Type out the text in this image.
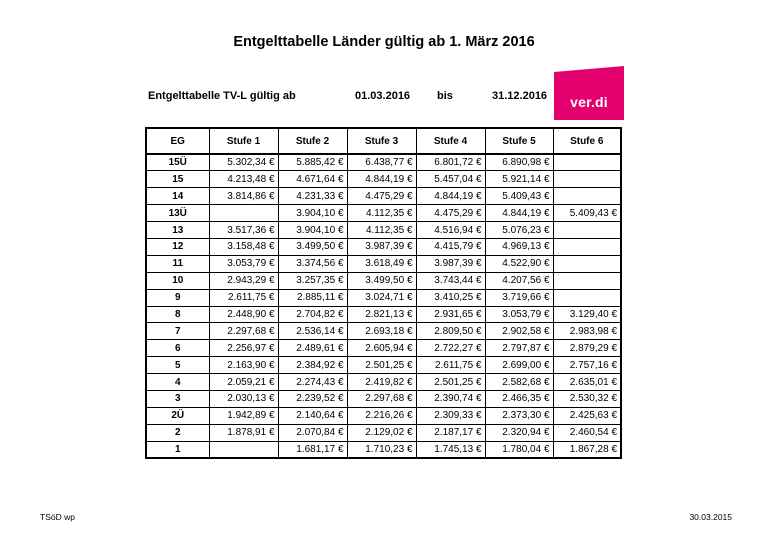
Entgelttabelle Länder gültig ab 1. März 2016
Entgelttabelle TV-L gültig ab	01.03.2016 bis	31.12.2016	ver.di
EG	Stufe 1	Stufe 2	Stufe 3	Stufe 4	Stufe 5	Stufe 6
15Ü	5.302,34 €	5.885,42 €	6.438,77 €	6.801,72 €	6.890,98 €	
15	4.213,48 €	4.671,64 €	4.844,19 €	5.457,04 €	5.921,14 €	
14	3.814,86 €	4.231,33 €	4.475,29 €	4.844,19 €	5.409,43 €	
13Ü		3.904,10 €	4.112,35 €	4.475,29 €	4.844,19 €	5.409,43 €
13	3.517,36 €	3.904,10 €	4.112,35 €	4.516,94 €	5.076,23 €	
12	3.158,48 €	3.499,50 €	3.987,39 €	4.415,79 €	4.969,13 €	
11	3.053,79 €	3.374,56 €	3.618,49 €	3.987,39 €	4.522,90 €	
10	2.943,29 €	3.257,35 €	3.499,50 €	3.743,44 €	4.207,56 €	
9	2.611,75 €	2.885,11 €	3.024,71 €	3.410,25 €	3.719,66 €	
8	2.448,90 €	2.704,82 €	2.821,13 €	2.931,65 €	3.053,79 €	3.129,40 €
7	2.297,68 €	2.536,14 €	2.693,18 €	2.809,50 €	2.902,58 €	2.983,98 €
6	2.256,97 €	2.489,61 €	2.605,94 €	2.722,27 €	2.797,87 €	2.879,29 €
5	2.163,90 €	2.384,92 €	2.501,25 €	2.611,75 €	2.699,00 €	2.757,16 €
4	2.059,21 €	2.274,43 €	2.419,82 €	2.501,25 €	2.582,68 €	2.635,01 €
3	2.030,13 €	2.239,52 €	2.297,68 €	2.390,74 €	2.466,35 €	2.530,32 €
2Ü	1.942,89 €	2.140,64 €	2.216,26 €	2.309,33 €	2.373,30 €	2.425,63 €
2	1.878,91 €	2.070,84 €	2.129,02 €	2.187,17 €	2.320,94 €	2.460,54 €
1		1.681,17 €	1.710,23 €	1.745,13 €	1.780,04 €	1.867,28 €
TSöD wp	30.03.2015
